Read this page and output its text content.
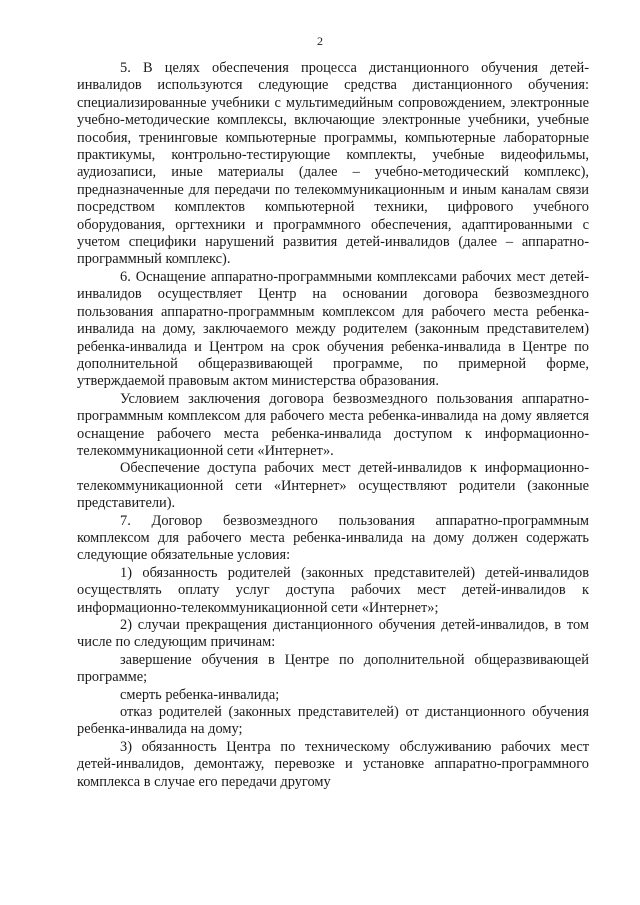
2

5. В целях обеспечения процесса дистанционного обучения детей-инвалидов используются следующие средства дистанционного обучения: специализированные учебники с мультимедийным сопровождением, электронные учебно-методические комплексы, включающие электронные учебники, учебные пособия, тренинговые компьютерные программы, компьютерные лабораторные практикумы, контрольно-тестирующие комплекты, учебные видеофильмы, аудиозаписи, иные материалы (далее – учебно-методический комплекс), предназначенные для передачи по телекоммуникационным и иным каналам связи посредством комплектов компьютерной техники, цифрового учебного оборудования, оргтехники и программного обеспечения, адаптированными с учетом специфики нарушений развития детей-инвалидов (далее – аппаратно-программный комплекс).

6. Оснащение аппаратно-программными комплексами рабочих мест детей-инвалидов осуществляет Центр на основании договора безвозмездного пользования аппаратно-программным комплексом для рабочего места ребенка-инвалида на дому, заключаемого между родителем (законным представителем) ребенка-инвалида и Центром на срок обучения ребенка-инвалида в Центре по дополнительной общеразвивающей программе, по примерной форме, утверждаемой правовым актом министерства образования.

Условием заключения договора безвозмездного пользования аппаратно-программным комплексом для рабочего места ребенка-инвалида на дому является оснащение рабочего места ребенка-инвалида доступом к информационно-телекоммуникационной сети «Интернет».

Обеспечение доступа рабочих мест детей-инвалидов к информационно-телекоммуникационной сети «Интернет» осуществляют родители (законные представители).

7. Договор безвозмездного пользования аппаратно-программным комплексом для рабочего места ребенка-инвалида на дому должен содержать следующие обязательные условия:

1) обязанность родителей (законных представителей) детей-инвалидов осуществлять оплату услуг доступа рабочих мест детей-инвалидов к информационно-телекоммуникационной сети «Интернет»;

2) случаи прекращения дистанционного обучения детей-инвалидов, в том числе по следующим причинам:

завершение обучения в Центре по дополнительной общеразвивающей программе;

смерть ребенка-инвалида;

отказ родителей (законных представителей) от дистанционного обучения ребенка-инвалида на дому;

3) обязанность Центра по техническому обслуживанию рабочих мест детей-инвалидов, демонтажу, перевозке и установке аппаратно-программного комплекса в случае его передачи другому
